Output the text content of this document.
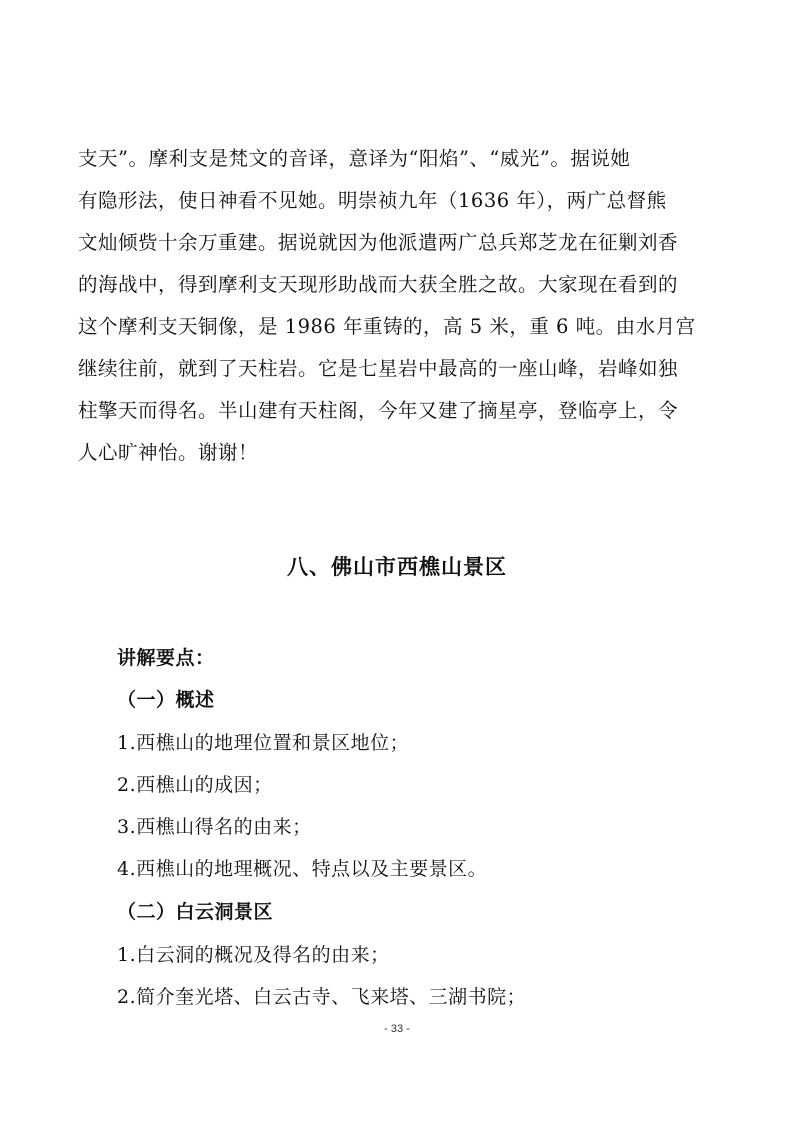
支天”。摩利支是梵文的音译，意译为“阳焰”、“威光”。据说她
有隐形法，使日神看不见她。明崇祯九年（1636 年），两广总督熊
文灿倾赀十余万重建。据说就因为他派遣两广总兵郑芝龙在征剿刘香
的海战中，得到摩利支天现形助战而大获全胜之故。大家现在看到的
这个摩利支天铜像，是 1986 年重铸的，高 5 米，重 6 吨。由水月宫
继续往前，就到了天柱岩。它是七星岩中最高的一座山峰，岩峰如独
柱擎天而得名。半山建有天柱阁，今年又建了摘星亭，登临亭上，令
人心旷神怡。谢谢！
八、佛山市西樵山景区
讲解要点：
（一）概述
1.西樵山的地理位置和景区地位；
2.西樵山的成因；
3.西樵山得名的由来；
4.西樵山的地理概况、特点以及主要景区。
（二）白云洞景区
1.白云洞的概况及得名的由来；
2.简介奎光塔、白云古寺、飞来塔、三湖书院；
- 33 -
